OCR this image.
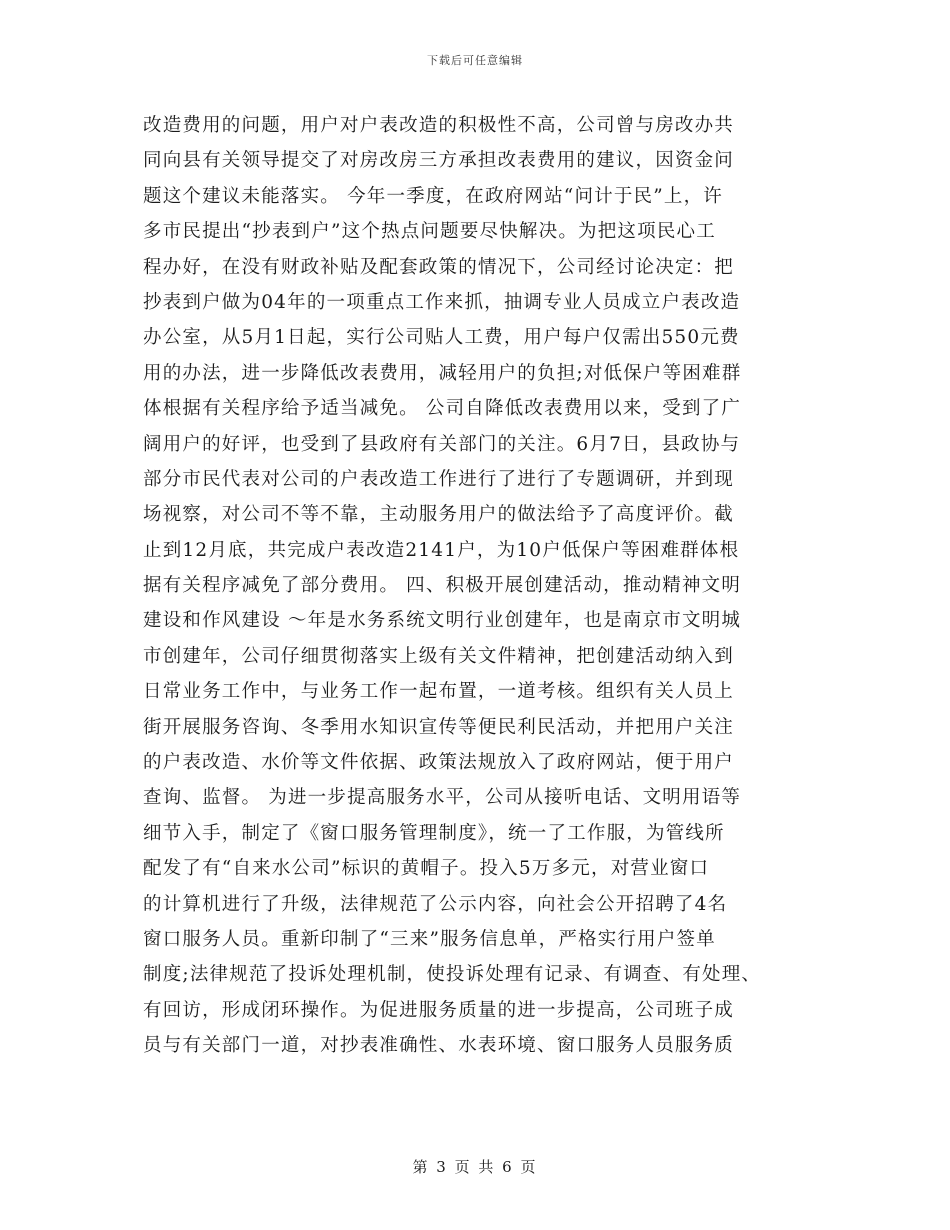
下载后可任意编辑
改造费用的问题，用户对户表改造的积极性不高，公司曾与房改办共
同向县有关领导提交了对房改房三方承担改表费用的建议，因资金问
题这个建议未能落实。 今年一季度，在政府网站“问计于民”上，许
多市民提出“抄表到户”这个热点问题要尽快解决。为把这项民心工
程办好，在没有财政补贴及配套政策的情况下，公司经讨论决定：把
抄表到户做为04年的一项重点工作来抓，抽调专业人员成立户表改造
办公室，从5月1日起，实行公司贴人工费，用户每户仅需出550元费
用的办法，进一步降低改表费用，减轻用户的负担;对低保户等困难群
体根据有关程序给予适当减免。 公司自降低改表费用以来，受到了广
阔用户的好评，也受到了县政府有关部门的关注。6月7日，县政协与
部分市民代表对公司的户表改造工作进行了进行了专题调研，并到现
场视察，对公司不等不靠，主动服务用户的做法给予了高度评价。截
止到12月底，共完成户表改造2141户，为10户低保户等困难群体根
据有关程序减免了部分费用。 四、积极开展创建活动，推动精神文明
建设和作风建设 ～年是水务系统文明行业创建年，也是南京市文明城
市创建年，公司仔细贯彻落实上级有关文件精神，把创建活动纳入到
日常业务工作中，与业务工作一起布置，一道考核。组织有关人员上
街开展服务咨询、冬季用水知识宣传等便民利民活动，并把用户关注
的户表改造、水价等文件依据、政策法规放入了政府网站，便于用户
查询、监督。 为进一步提高服务水平，公司从接听电话、文明用语等
细节入手，制定了《窗口服务管理制度》，统一了工作服，为管线所
配发了有“自来水公司”标识的黄帽子。投入5万多元，对营业窗口
的计算机进行了升级，法律规范了公示内容，向社会公开招聘了4名
窗口服务人员。重新印制了“三来”服务信息单，严格实行用户签单
制度;法律规范了投诉处理机制，使投诉处理有记录、有调查、有处理、
有回访，形成闭环操作。为促进服务质量的进一步提高，公司班子成
员与有关部门一道，对抄表准确性、水表环境、窗口服务人员服务质
第 3 页 共 6 页
